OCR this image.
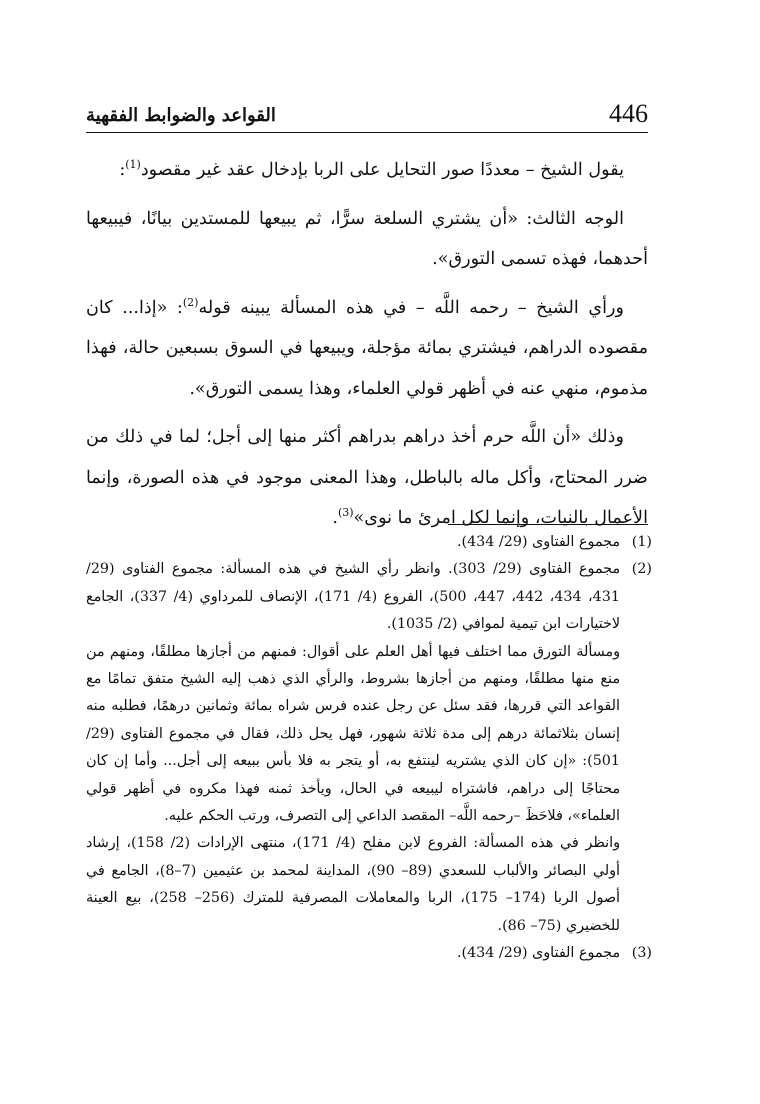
446
القواعد والضوابط الفقهية

يقول الشيخ – معددًا صور التحايل على الربا بإدخال عقد غير مقصود$^{(1)}$:

الوجه الثالث: «أن يشتري السلعة سرًّا، ثم يبيعها للمستدين بيانًا، فيبيعها أحدهما، فهذه تسمى التورق».

ورأي الشيخ – رحمه اللَّه – في هذه المسألة يبينه قوله$^{(2)}$: «إذا... كان مقصوده الدراهم، فيشتري بمائة مؤجلة، ويبيعها في السوق بسبعين حالة، فهذا مذموم، منهي عنه في أظهر قولي العلماء، وهذا يسمى التورق».

وذلك «أن اللَّه حرم أخذ دراهم بدراهم أكثر منها إلى أجل؛ لما في ذلك من ضرر المحتاج، وأكل ماله بالباطل، وهذا المعنى موجود في هذه الصورة، وإنما الأعمال بالنيات، وإنما لكل امرئ ما نوى»$^{(3)}$.

(1)
مجموع الفتاوى (29/ 434).
(2)
مجموع الفتاوى (29/ 303). وانظر رأي الشيخ في هذه المسألة: مجموع الفتاوى (29/ 431، 434، 442، 447، 500)، الفروع (4/ 171)، الإنصاف للمرداوي (4/ 337)، الجامع لاختيارات ابن تيمية لموافي (2/ 1035).
ومسألة التورق مما اختلف فيها أهل العلم على أقوال: فمنهم من أجازها مطلقًا، ومنهم من منع منها مطلقًا، ومنهم من أجازها بشروط، والرأي الذي ذهب إليه الشيخ متفق تمامًا مع القواعد التي قررها، فقد سئل عن رجل عنده فرس شراه بمائة وثمانين درهمًا، فطلبه منه إنسان بثلاثمائة درهم إلى مدة ثلاثة شهور، فهل يحل ذلك، فقال في مجموع الفتاوى (29/ 501): «إن كان الذي يشتريه لينتفع به، أو يتجر به فلا بأس ببيعه إلى أجل... وأما إن كان محتاجًا إلى دراهم، فاشتراه ليبيعه في الحال، ويأخذ ثمنه فهذا مكروه في أظهر قولي العلماء»، فلاحَظَ –رحمه اللَّه– المقصد الداعي إلى التصرف، ورتب الحكم عليه.
وانظر في هذه المسألة: الفروع لابن مفلح (4/ 171)، منتهى الإرادات (2/ 158)، إرشاد أولي البصائر والألباب للسعدي (89– 90)، المداينة لمحمد بن عثيمين (7–8)، الجامع في أصول الربا (174– 175)، الربا والمعاملات المصرفية للمترك (256– 258)، بيع العينة للخضيري (75– 86).
(3)
مجموع الفتاوى (29/ 434).
